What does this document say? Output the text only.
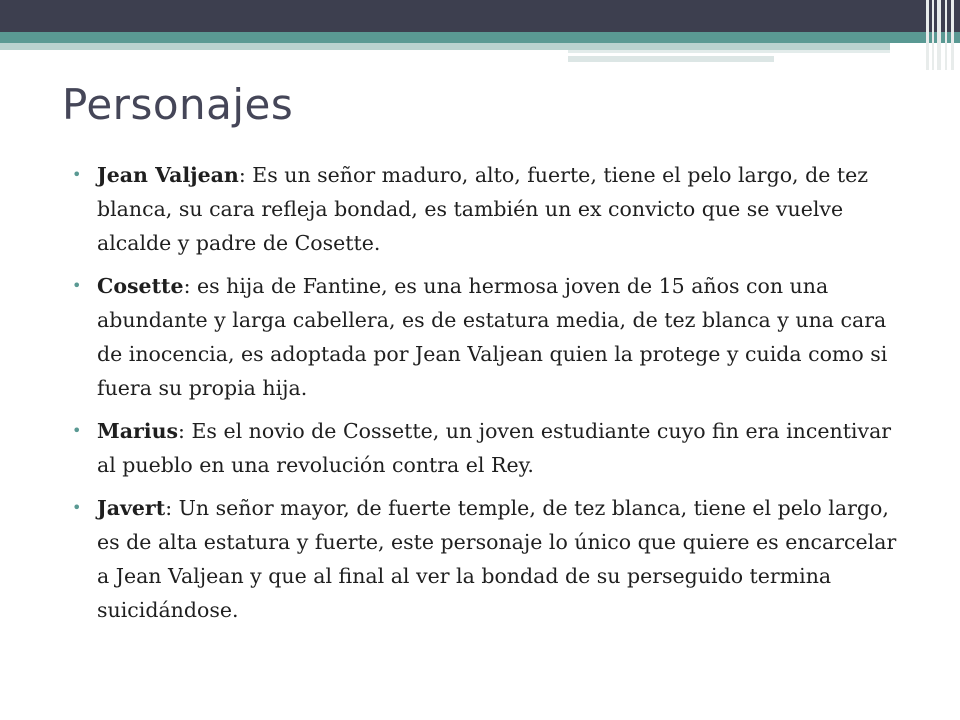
Personajes
• Jean Valjean: Es un señor maduro, alto, fuerte, tiene el pelo largo, de tez blanca, su cara refleja bondad, es también un ex convicto que se vuelve alcalde y padre de Cosette.
• Cosette: es hija de Fantine, es una hermosa joven de 15 años con una abundante y larga cabellera, es de estatura media, de tez blanca y una cara de inocencia, es adoptada por Jean Valjean quien la protege y cuida como si fuera su propia hija.
• Marius: Es el novio de Cossette, un joven estudiante cuyo fin era incentivar al pueblo en una revolución contra el Rey.
• Javert: Un señor mayor, de fuerte temple, de tez blanca, tiene el pelo largo, es de alta estatura y fuerte, este personaje lo único que quiere es encarcelar a Jean Valjean y que al final al ver la bondad de su perseguido termina suicidándose.
